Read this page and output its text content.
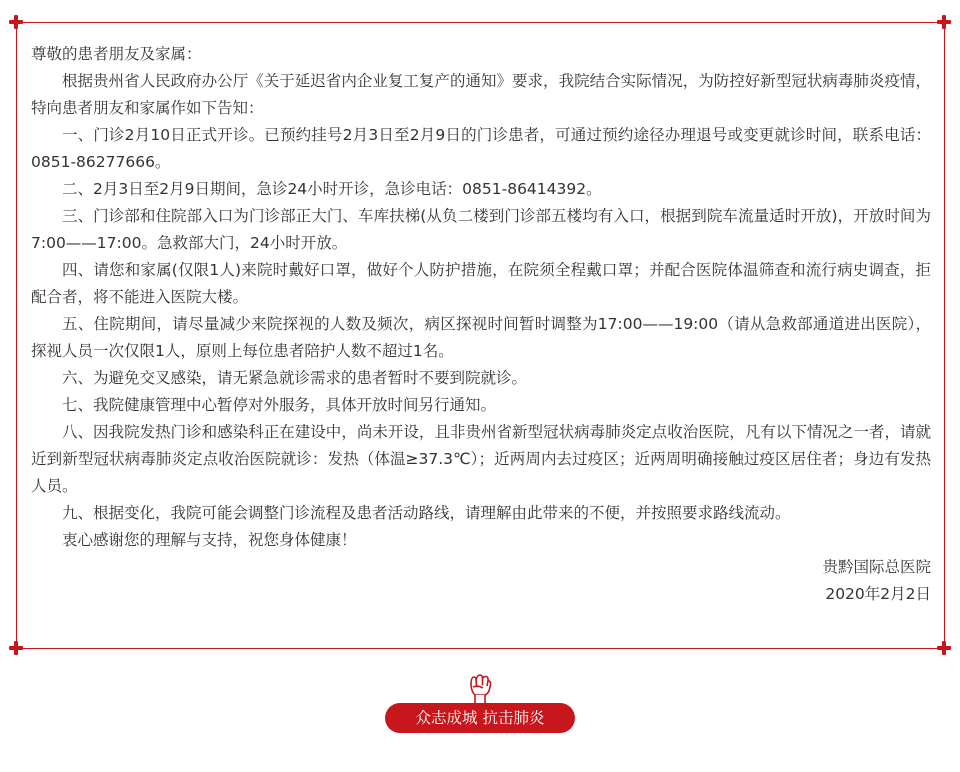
尊敬的患者朋友及家属：

根据贵州省人民政府办公厅《关于延迟省内企业复工复产的通知》要求，我院结合实际情况，为防控好新型冠状病毒肺炎疫情，特向患者朋友和家属作如下告知：

一、门诊2月10日正式开诊。已预约挂号2月3日至2月9日的门诊患者，可通过预约途径办理退号或变更就诊时间，联系电话：0851-86277666。

二、2月3日至2月9日期间，急诊24小时开诊，急诊电话：0851-86414392。

三、门诊部和住院部入口为门诊部正大门、车库扶梯(从负二楼到门诊部五楼均有入口，根据到院车流量适时开放)，开放时间为7:00——17:00。急救部大门，24小时开放。

四、请您和家属(仅限1人)来院时戴好口罩，做好个人防护措施，在院须全程戴口罩；并配合医院体温筛查和流行病史调查，拒配合者，将不能进入医院大楼。

五、住院期间，请尽量减少来院探视的人数及频次，病区探视时间暂时调整为17:00——19:00（请从急救部通道进出医院），探视人员一次仅限1人，原则上每位患者陪护人数不超过1名。

六、为避免交叉感染，请无紧急就诊需求的患者暂时不要到院就诊。

七、我院健康管理中心暂停对外服务，具体开放时间另行通知。

八、因我院发热门诊和感染科正在建设中，尚未开设，且非贵州省新型冠状病毒肺炎定点收治医院，凡有以下情况之一者，请就近到新型冠状病毒肺炎定点收治医院就诊：发热（体温≥37.3℃）；近两周内去过疫区；近两周明确接触过疫区居住者；身边有发热人员。

九、根据变化，我院可能会调整门诊流程及患者活动路线，请理解由此带来的不便，并按照要求路线流动。

衷心感谢您的理解与支持，祝您身体健康！

贵黔国际总医院
2020年2月2日
众志成城 抗击肺炎
